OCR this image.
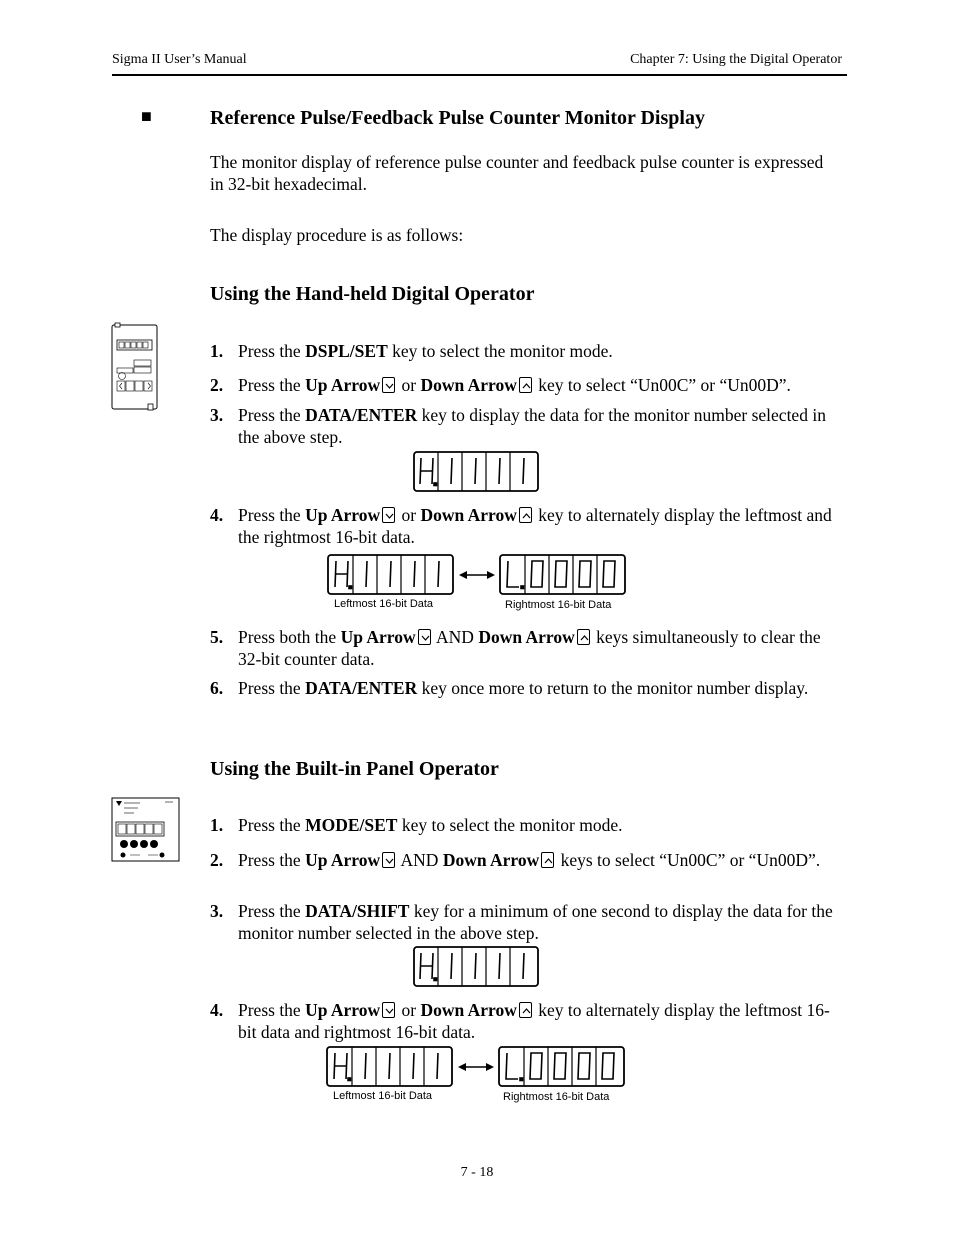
Sigma II User’s Manual	Chapter 7: Using the Digital Operator
■	Reference Pulse/Feedback Pulse Counter Monitor Display
The monitor display of reference pulse counter and feedback pulse counter is expressed in 32-bit hexadecimal.
The display procedure is as follows:
Using the Hand-held Digital Operator
1. Press the DSPL/SET key to select the monitor mode.
2. Press the Up Arrow
or Down Arrow
key to select “Un00C” or “Un00D”.
3. Press the DATA/ENTER key to display the data for the monitor number selected in the above step.
4. Press the Up Arrow
or Down Arrow
key to alternately display the leftmost and the rightmost 16-bit data.
Leftmost 16-bit Data	Rightmost 16-bit Data
5. Press both the Up Arrow
AND Down Arrow
keys simultaneously to clear the 32-bit counter data.
6. Press the DATA/ENTER key once more to return to the monitor number display.
Using the Built-in Panel Operator
1. Press the MODE/SET key to select the monitor mode.
2. Press the Up Arrow
AND Down Arrow
keys to select “Un00C” or “Un00D”.
3. Press the DATA/SHIFT key for a minimum of one second to display the data for the monitor number selected in the above step.
4. Press the Up Arrow
or Down Arrow
key to alternately display the leftmost 16-bit data and rightmost 16-bit data.
Leftmost 16-bit Data	Rightmost 16-bit Data
7 - 18
